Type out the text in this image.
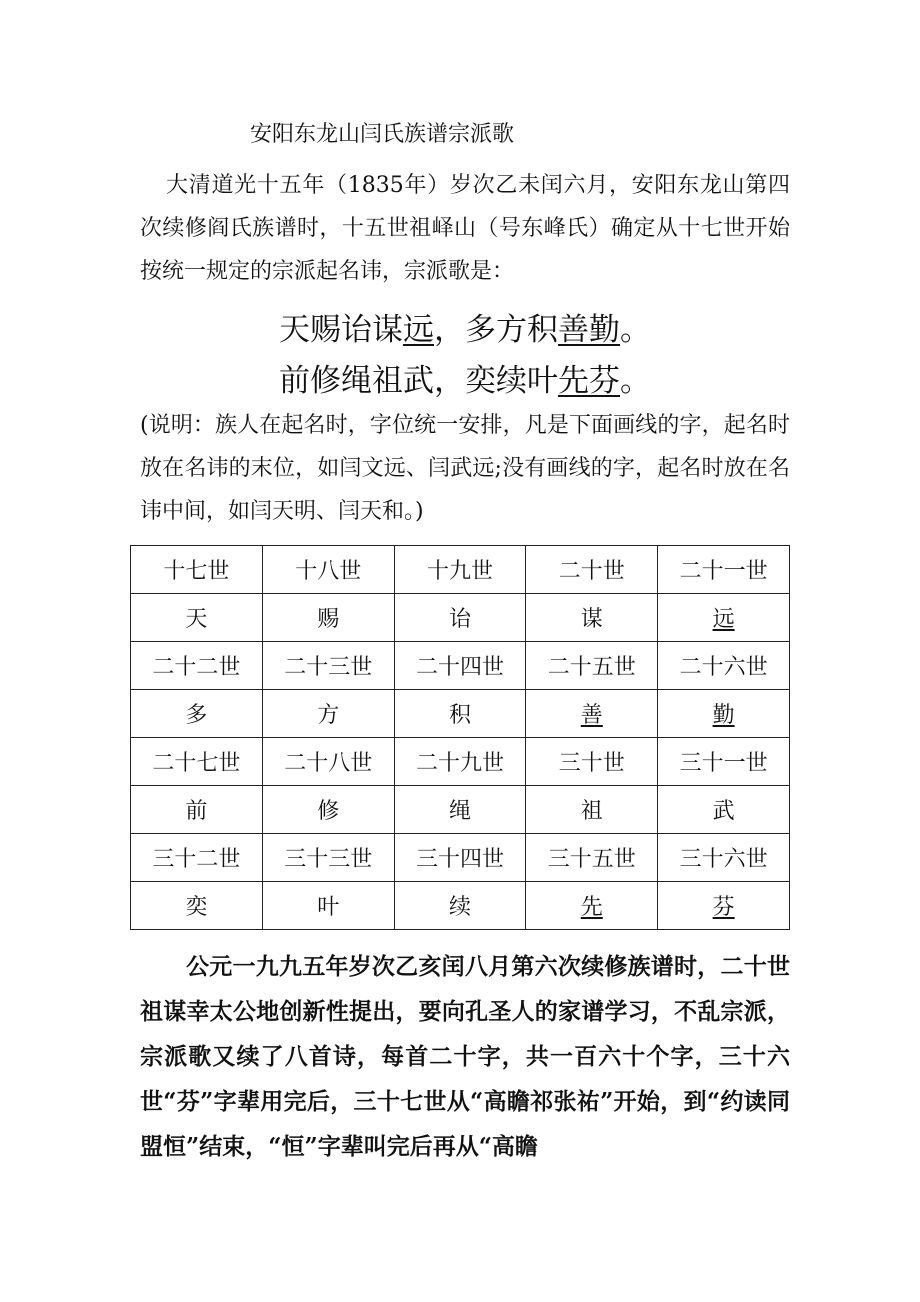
安阳东龙山闫氏族谱宗派歌

大清道光十五年（1835年）岁次乙未闰六月，安阳东龙山第四次续修阎氏族谱时，十五世祖峄山（号东峰氏）确定从十七世开始按统一规定的宗派起名讳，宗派歌是：

天赐诒谋远，多方积善勤。
前修绳祖武，奕续叶先芬。
(说明：族人在起名时，字位统一安排，凡是下面画线的字，起名时放在名讳的末位，如闫文远、闫武远;没有画线的字，起名时放在名讳中间，如闫天明、闫天和。)
十七世	十八世	十九世	二十世	二十一世
天	赐	诒	谋	远
二十二世	二十三世	二十四世	二十五世	二十六世
多	方	积	善	勤
二十七世	二十八世	二十九世	三十世	三十一世
前	修	绳	祖	武
三十二世	三十三世	三十四世	三十五世	三十六世
奕	叶	续	先	芬

公元一九九五年岁次乙亥闰八月第六次续修族谱时，二十世祖谋幸太公地创新性提出，要向孔圣人的家谱学习，不乱宗派，宗派歌又续了八首诗，每首二十字，共一百六十个字，三十六世“芬”字辈用完后，三十七世从“高瞻祁张祐”开始，到“约读同盟恒”结束，“恒”字辈叫完后再从“高瞻
